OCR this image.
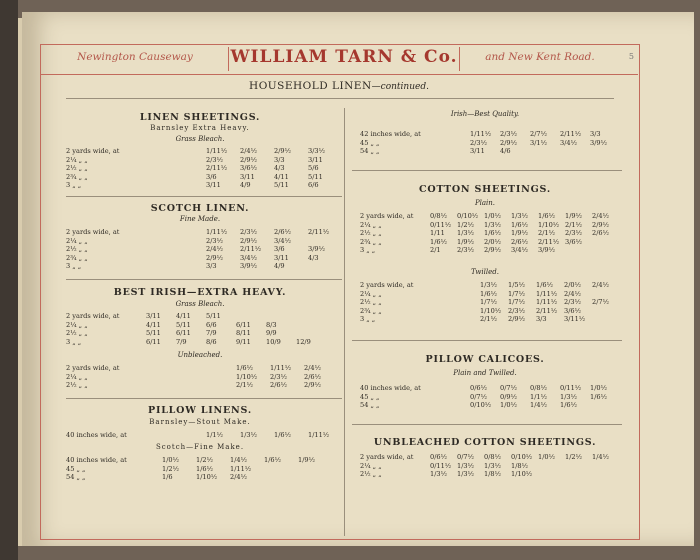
Newington Causeway	WILLIAM TARN & Co.	and New Kent Road.	5
HOUSEHOLD LINEN—continued.
LINEN SHEETINGS.
Barnsley Extra Heavy.
Grass Bleach.
2 yards wide, at	1/11½ 2/4½	2/9½	3/3½
2¼ „ „	2/3½	2/9½	3/3	3/11
2½ „ „	2/11½ 3/6½	4/3	5/6
2¾ „ „	3/6	3/11	4/11	5/11
3 „ „	3/11	4/9	5/11	6/6
SCOTCH LINEN.
Fine Made.
2 yards wide, at	1/11½ 2/3½	2/6½	2/11½
2¼ „ „	2/3½	2/9½	3/4½
2½ „ „	2/4½	2/11½ 3/6	3/9½
2¾ „ „	2/9½	3/4½	3/11	4/3
3 „ „	3/3	3/9½	4/9
BEST IRISH—EXTRA HEAVY.
Grass Bleach.
2 yards wide, at	3/11 4/11 5/11
2¼ „ „	4/11 5/11 6/6	6/11 8/3
2½ „ „	5/11 6/11 7/9	8/11 9/9
3 „ „	6/11 7/9	8/6	9/11 10/9 12/9
Unbleached.
2 yards wide, at	1/6½	1/11½ 2/4½
2¼ „ „	1/10½ 2/3½	2/6½
2½ „ „	2/1½	2/6½	2/9½
PILLOW LINENS.
Barnsley—Stout Make.
40 inches wide, at	1/1½	1/3½	1/6½	1/11½
Scotch—Fine Make.
40 inches wide, at	1/0½	1/2½	1/4½	1/6½	1/9½
45 „ „	1/2½	1/6½	1/11½
54 „ „	1/6	1/10½ 2/4½
Irish—Best Quality.
42 inches wide, at	1/11½ 2/3½ 2/7½ 2/11½ 3/3
45 „ „	2/3½ 2/9½ 3/1½ 3/4½ 3/9½
54 „ „	3/11 4/6
COTTON SHEETINGS.
Plain.
2 yards wide, at	0/8½ 0/10½ 1/0½ 1/3½ 1/6½ 1/9½ 2/4½
2¼ „ „	0/11½ 1/2½ 1/3½ 1/6½ 1/10½ 2/1½ 2/9½
2½ „ „	1/11 1/3½ 1/6½ 1/9½ 2/1½ 2/3½ 2/6½
2¾ „ „	1/6½ 1/9½ 2/0½ 2/6½ 2/11½ 3/6½
3 „ „	2/1 2/3½ 2/9½ 3/4½ 3/9½
Twilled.
2 yards wide, at	1/3½ 1/5½ 1/6½ 2/0½ 2/4½
2¼ „ „	1/6½ 1/7½ 1/11½ 2/4½
2½ „ „	1/7½ 1/7½ 1/11½ 2/3½ 2/7½
2¾ „ „	1/10½ 2/3½ 2/11½ 3/6½
3 „ „	2/1½ 2/9½ 3/3	3/11½
PILLOW CALICOES.
Plain and Twilled.
40 inches wide, at	0/6½ 0/7½ 0/8½ 0/11½ 1/0½
45 „ „	0/7½ 0/9½ 1/1½ 1/3½ 1/6½
54 „ „	0/10½ 1/0½ 1/4½ 1/6½
UNBLEACHED COTTON SHEETINGS.
2 yards wide, at	0/6½ 0/7½ 0/8½ 0/10½ 1/0½ 1/2½ 1/4½
2¼ „ „	0/11½ 1/3½ 1/3½ 1/8½
2½ „ „	1/3½ 1/3½ 1/8½ 1/10½
